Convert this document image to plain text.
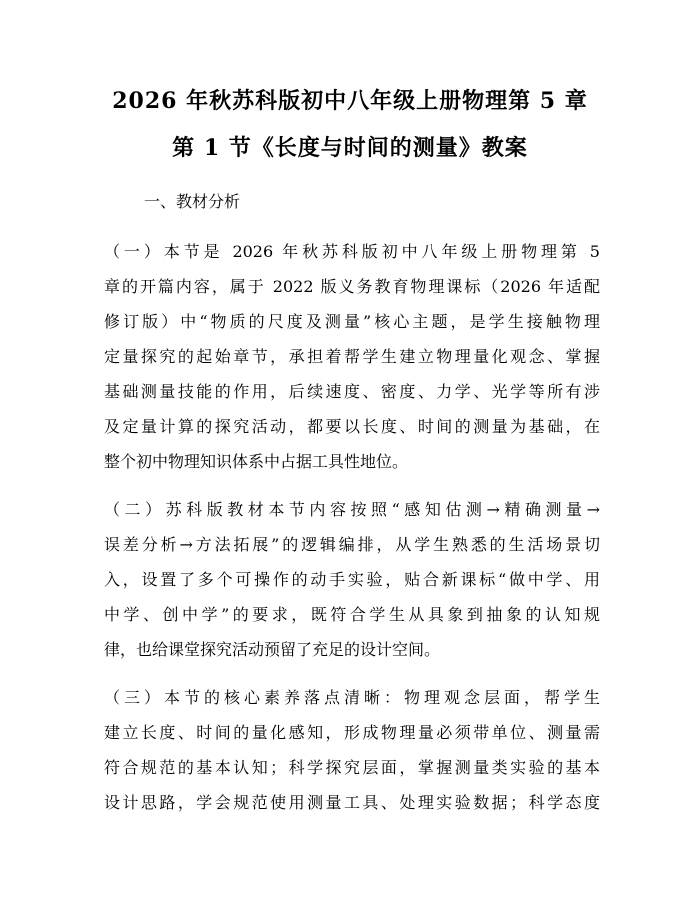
2026 年秋苏科版初中八年级上册物理第 5 章
第 1 节《长度与时间的测量》教案
一、教材分析
（一）本节是 2026 年秋苏科版初中八年级上册物理第 5
章的开篇内容，属于 2022 版义务教育物理课标（2026 年适配
修订版）中“物质的尺度及测量”核心主题，是学生接触物理
定量探究的起始章节，承担着帮学生建立物理量化观念、掌握
基础测量技能的作用，后续速度、密度、力学、光学等所有涉
及定量计算的探究活动，都要以长度、时间的测量为基础，在
整个初中物理知识体系中占据工具性地位。
（二）苏科版教材本节内容按照“感知估测→精确测量→
误差分析→方法拓展”的逻辑编排，从学生熟悉的生活场景切
入，设置了多个可操作的动手实验，贴合新课标“做中学、用
中学、创中学”的要求，既符合学生从具象到抽象的认知规
律，也给课堂探究活动预留了充足的设计空间。
（三）本节的核心素养落点清晰：物理观念层面，帮学生
建立长度、时间的量化感知，形成物理量必须带单位、测量需
符合规范的基本认知；科学探究层面，掌握测量类实验的基本
设计思路，学会规范使用测量工具、处理实验数据；科学态度
